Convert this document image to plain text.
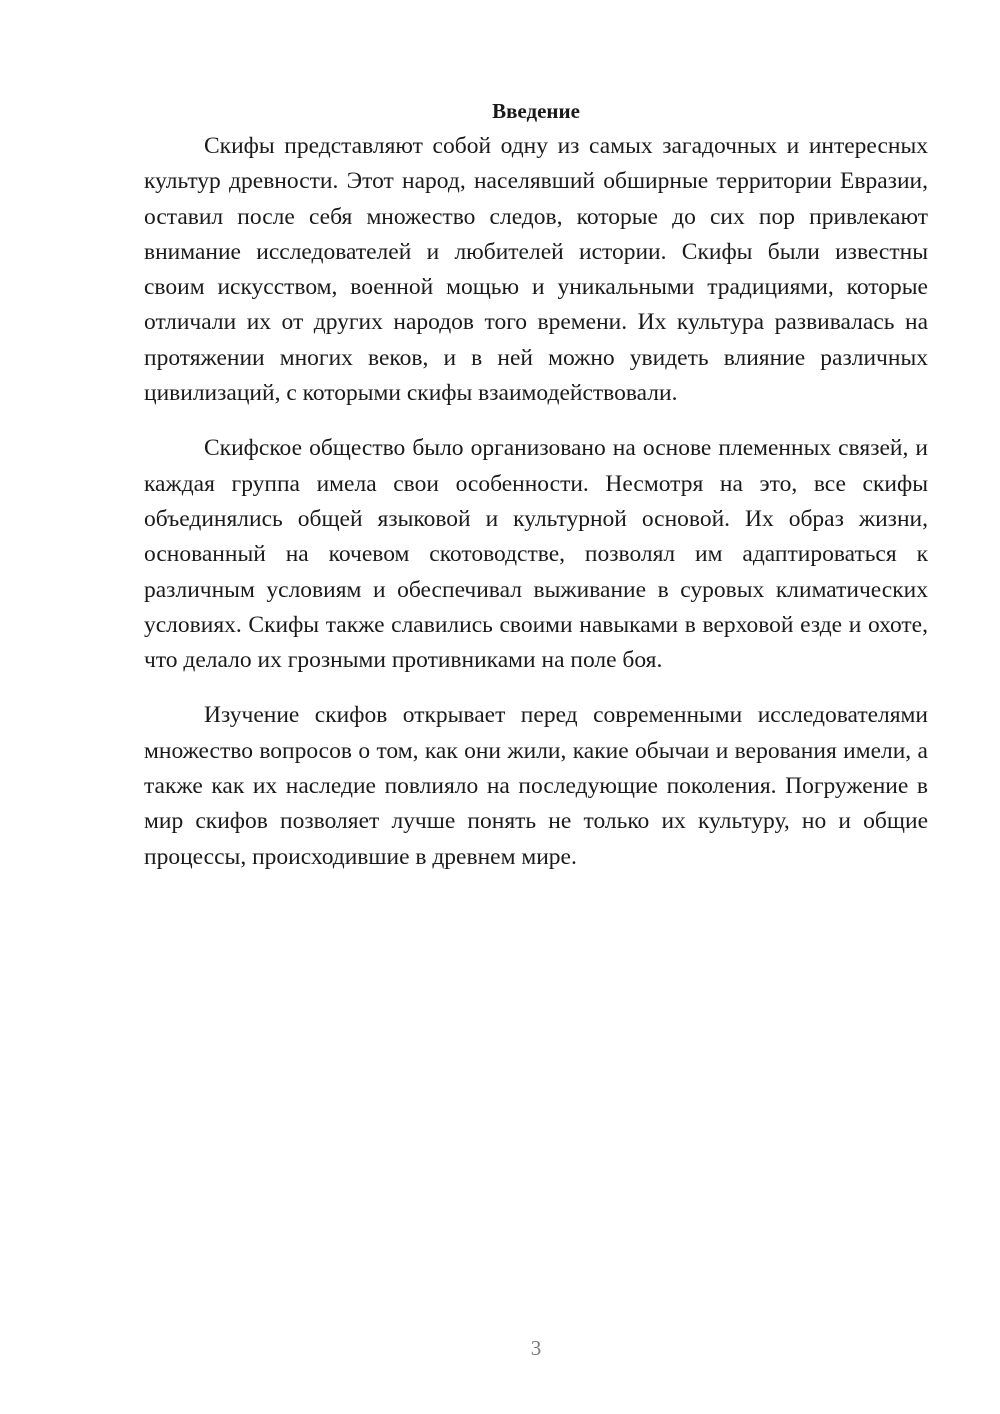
Введение

Скифы представляют собой одну из самых загадочных и интересных культур древности. Этот народ, населявший обширные территории Евразии, оставил после себя множество следов, которые до сих пор привлекают внимание исследователей и любителей истории. Скифы были известны своим искусством, военной мощью и уникальными традициями, которые отличали их от других народов того времени. Их культура развивалась на протяжении многих веков, и в ней можно увидеть влияние различных цивилизаций, с которыми скифы взаимодействовали.

Скифское общество было организовано на основе племенных связей, и каждая группа имела свои особенности. Несмотря на это, все скифы объединялись общей языковой и культурной основой. Их образ жизни, основанный на кочевом скотоводстве, позволял им адаптироваться к различным условиям и обеспечивал выживание в суровых климатических условиях. Скифы также славились своими навыками в верховой езде и охоте, что делало их грозными противниками на поле боя.

Изучение скифов открывает перед современными исследователями множество вопросов о том, как они жили, какие обычаи и верования имели, а также как их наследие повлияло на последующие поколения. Погружение в мир скифов позволяет лучше понять не только их культуру, но и общие процессы, происходившие в древнем мире.

3
